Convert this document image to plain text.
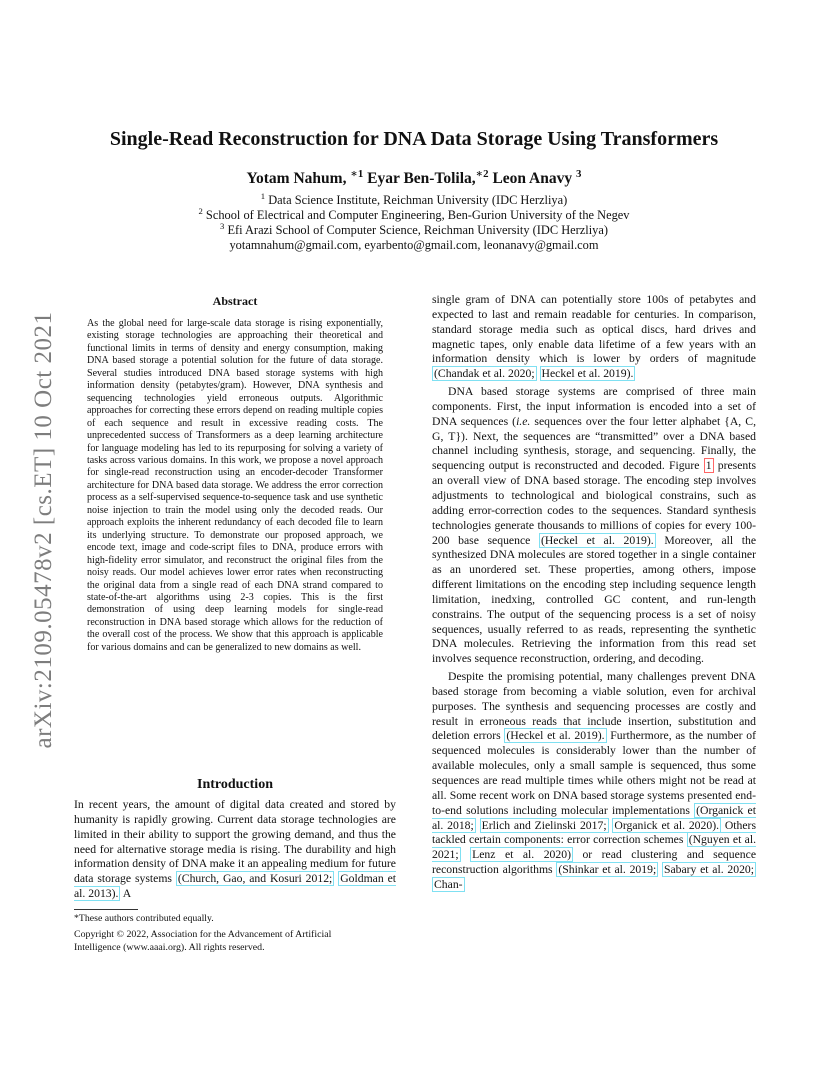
arXiv:2109.05478v2 [cs.ET] 10 Oct 2021
Single-Read Reconstruction for DNA Data Storage Using Transformers
Yotam Nahum, $^{∗1}$ Eyar Ben-Tolila,$^{∗2}$ Leon Anavy $^3$
$^1$ Data Science Institute, Reichman University (IDC Herzliya)
$^2$ School of Electrical and Computer Engineering, Ben-Gurion University of the Negev
$^3$ Efi Arazi School of Computer Science, Reichman University (IDC Herzliya)
yotamnahum@gmail.com, eyarbento@gmail.com, leonanavy@gmail.com
Abstract
As the global need for large-scale data storage is rising exponentially, existing storage technologies are approaching their theoretical and functional limits in terms of density and energy consumption, making DNA based storage a potential solution for the future of data storage. Several studies introduced DNA based storage systems with high information density (petabytes/gram). However, DNA synthesis and sequencing technologies yield erroneous outputs. Algorithmic approaches for correcting these errors depend on reading multiple copies of each sequence and result in excessive reading costs. The unprecedented success of Transformers as a deep learning architecture for language modeling has led to its repurposing for solving a variety of tasks across various domains. In this work, we propose a novel approach for single-read reconstruction using an encoder-decoder Transformer architecture for DNA based data storage. We address the error correction process as a self-supervised sequence-to-sequence task and use synthetic noise injection to train the model using only the decoded reads. Our approach exploits the inherent redundancy of each decoded file to learn its underlying structure. To demonstrate our proposed approach, we encode text, image and code-script files to DNA, produce errors with high-fidelity error simulator, and reconstruct the original files from the noisy reads. Our model achieves lower error rates when reconstructing the original data from a single read of each DNA strand compared to state-of-the-art algorithms using 2-3 copies. This is the first demonstration of using deep learning models for single-read reconstruction in DNA based storage which allows for the reduction of the overall cost of the process. We show that this approach is applicable for various domains and can be generalized to new domains as well.
Introduction
In recent years, the amount of digital data created and stored by humanity is rapidly growing. Current data storage technologies are limited in their ability to support the growing demand, and thus the need for alternative storage media is rising. The durability and high information density of DNA make it an appealing medium for future data storage systems (Church, Gao, and Kosuri 2012; Goldman et al. 2013). A
*These authors contributed equally.
Copyright © 2022, Association for the Advancement of Artificial Intelligence (www.aaai.org). All rights reserved.

single gram of DNA can potentially store 100s of petabytes and expected to last and remain readable for centuries. In comparison, standard storage media such as optical discs, hard drives and magnetic tapes, only enable data lifetime of a few years with an information density which is lower by orders of magnitude (Chandak et al. 2020; Heckel et al. 2019).

DNA based storage systems are comprised of three main components. First, the input information is encoded into a set of DNA sequences (i.e. sequences over the four letter alphabet {A, C, G, T}). Next, the sequences are “transmitted” over a DNA based channel including synthesis, storage, and sequencing. Finally, the sequencing output is reconstructed and decoded. Figure 1 presents an overall view of DNA based storage. The encoding step involves adjustments to technological and biological constrains, such as adding error-correction codes to the sequences. Standard synthesis technologies generate thousands to millions of copies for every 100-200 base sequence (Heckel et al. 2019). Moreover, all the synthesized DNA molecules are stored together in a single container as an unordered set. These properties, among others, impose different limitations on the encoding step including sequence length limitation, inedxing, controlled GC content, and run-length constrains. The output of the sequencing process is a set of noisy sequences, usually referred to as reads, representing the synthetic DNA molecules. Retrieving the information from this read set involves sequence reconstruction, ordering, and decoding.

Despite the promising potential, many challenges prevent DNA based storage from becoming a viable solution, even for archival purposes. The synthesis and sequencing processes are costly and result in erroneous reads that include insertion, substitution and deletion errors (Heckel et al. 2019). Furthermore, as the number of sequenced molecules is considerably lower than the number of available molecules, only a small sample is sequenced, thus some sequences are read multiple times while others might not be read at all. Some recent work on DNA based storage systems presented end-to-end solutions including molecular implementations (Organick et al. 2018; Erlich and Zielinski 2017; Organick et al. 2020). Others tackled certain components: error correction schemes (Nguyen et al. 2021; Lenz et al. 2020) or read clustering and sequence reconstruction algorithms (Shinkar et al. 2019; Sabary et al. 2020; Chan-
